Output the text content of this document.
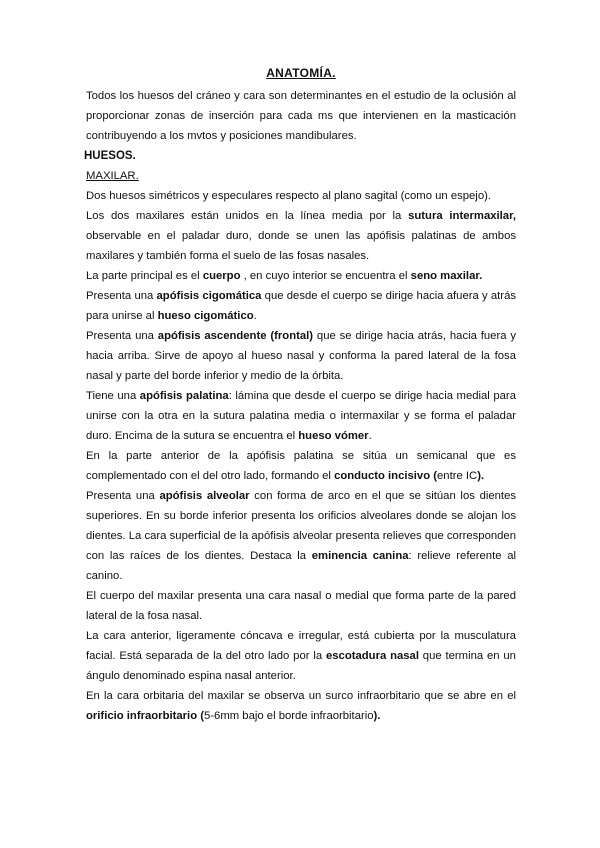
ANATOMÍA.

Todos los huesos del cráneo y cara son determinantes en el estudio de la oclusión al proporcionar zonas de inserción para cada ms que intervienen en la masticación contribuyendo a los mvtos y posiciones mandibulares.

HUESOS.
MAXILAR.

Dos huesos simétricos y especulares respecto al plano sagital (como un espejo).

Los dos maxilares están unidos en la línea media por la sutura intermaxilar, observable en el paladar duro, donde se unen las apófisis palatinas de ambos maxilares y también forma el suelo de las fosas nasales.

La parte principal es el cuerpo , en cuyo interior se encuentra el seno maxilar.

Presenta una apófisis cigomática que desde el cuerpo se dirige hacia afuera y atrás para unirse al hueso cigomático.

Presenta una apófisis ascendente (frontal) que se dirige hacia atrás, hacia fuera y hacia arriba. Sirve de apoyo al hueso nasal y conforma la pared lateral de la fosa nasal y parte del borde inferior y medio de la órbita.

Tiene una apófisis palatina: lámina que desde el cuerpo se dirige hacia medial para unirse con la otra en la sutura palatina media o intermaxilar y se forma el paladar duro. Encima de la sutura se encuentra el hueso vómer.

En la parte anterior de la apófisis palatina se sitúa un semicanal que es complementado con el del otro lado, formando el conducto incisivo (entre IC).

Presenta una apófisis alveolar con forma de arco en el que se sitúan los dientes superiores. En su borde inferior presenta los orificios alveolares donde se alojan los dientes. La cara superficial de la apófisis alveolar presenta relieves que corresponden con las raíces de los dientes. Destaca la eminencia canina: relieve referente al canino.

El cuerpo del maxilar presenta una cara nasal o medial que forma parte de la pared lateral de la fosa nasal.

La cara anterior, ligeramente cóncava e irregular, está cubierta por la musculatura facial. Está separada de la del otro lado por la escotadura nasal que termina en un ángulo denominado espina nasal anterior.

En la cara orbitaria del maxilar se observa un surco infraorbitario que se abre en el orificio infraorbitario (5-6mm bajo el borde infraorbitario).
